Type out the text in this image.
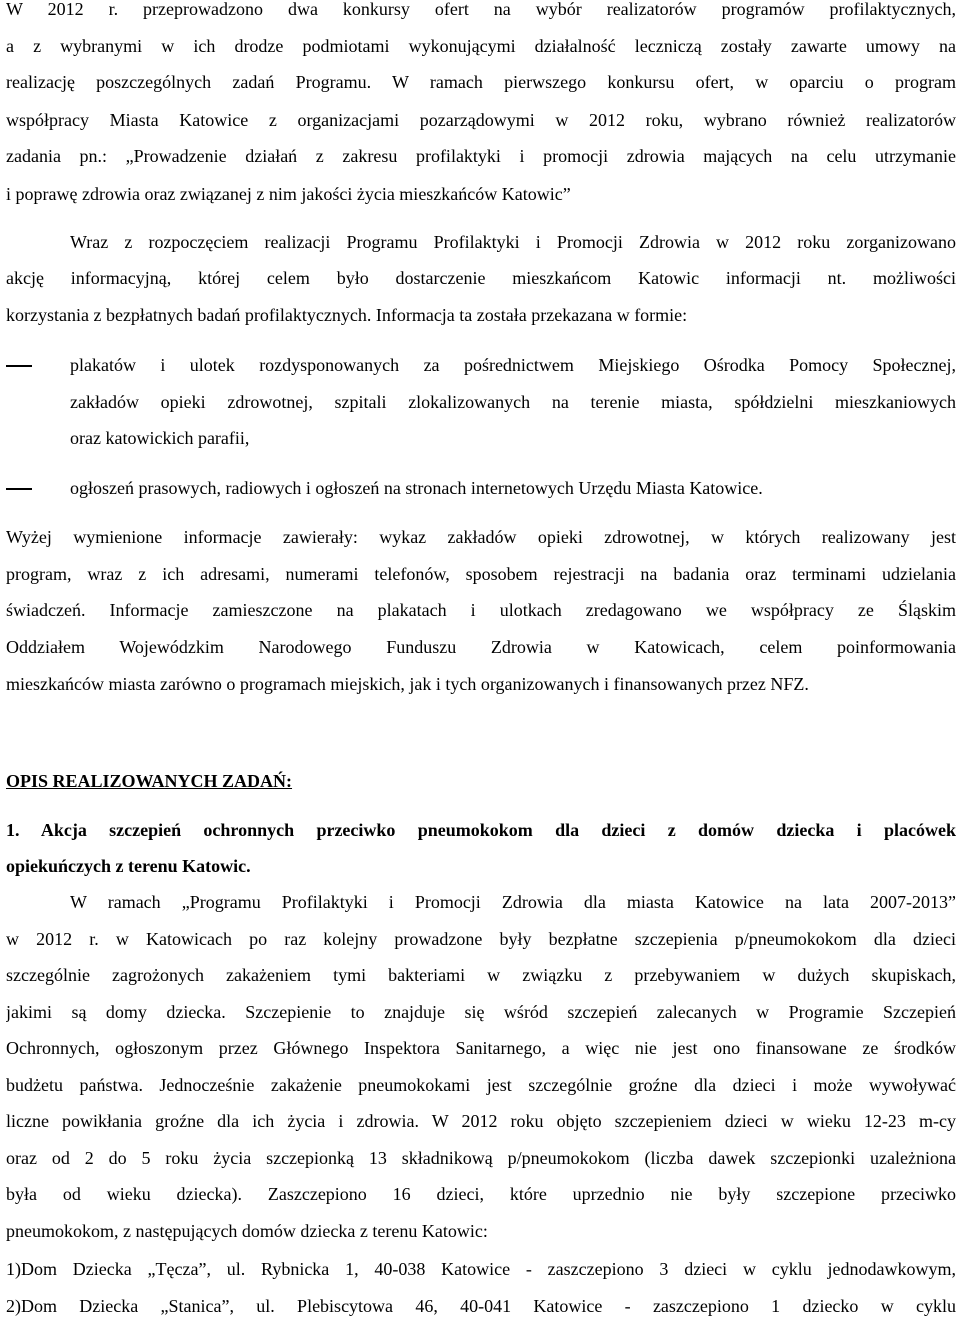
W 2012 r. przeprowadzono dwa konkursy ofert na wybór realizatorów programów profilaktycznych,
a z wybranymi w ich drodze podmiotami wykonującymi działalność leczniczą zostały zawarte umowy na
realizację poszczególnych zadań Programu. W ramach pierwszego konkursu ofert, w oparciu o program
współpracy Miasta Katowice z organizacjami pozarządowymi w 2012 roku, wybrano również realizatorów
zadania pn.: „Prowadzenie działań z zakresu profilaktyki i promocji zdrowia mających na celu utrzymanie
i poprawę zdrowia oraz związanej z nim jakości życia mieszkańców Katowic”
Wraz z rozpoczęciem realizacji Programu Profilaktyki i Promocji Zdrowia w 2012 roku zorganizowano
akcję informacyjną, której celem było dostarczenie mieszkańcom Katowic informacji nt. możliwości
korzystania z bezpłatnych badań profilaktycznych. Informacja ta została przekazana w formie:
plakatów i ulotek rozdysponowanych za pośrednictwem Miejskiego Ośrodka Pomocy Społecznej,
zakładów opieki zdrowotnej, szpitali zlokalizowanych na terenie miasta, spółdzielni mieszkaniowych
oraz katowickich parafii,
ogłoszeń prasowych, radiowych i ogłoszeń na stronach internetowych Urzędu Miasta Katowice.
Wyżej wymienione informacje zawierały: wykaz zakładów opieki zdrowotnej, w których realizowany jest
program, wraz z ich adresami, numerami telefonów, sposobem rejestracji na badania oraz terminami udzielania
świadczeń. Informacje zamieszczone na plakatach i ulotkach zredagowano we współpracy ze Śląskim
Oddziałem Wojewódzkim Narodowego Funduszu Zdrowia w Katowicach, celem poinformowania
mieszkańców miasta zarówno o programach miejskich, jak i tych organizowanych i finansowanych przez NFZ.
OPIS REALIZOWANYCH ZADAŃ:
1. Akcja szczepień ochronnych przeciwko pneumokokom dla dzieci z domów dziecka i placówek
opiekuńczych z terenu Katowic.
W ramach „Programu Profilaktyki i Promocji Zdrowia dla miasta Katowice na lata 2007-2013”
w 2012 r. w Katowicach po raz kolejny prowadzone były bezpłatne szczepienia p/pneumokokom dla dzieci
szczególnie zagrożonych zakażeniem tymi bakteriami w związku z przebywaniem w dużych skupiskach,
jakimi są domy dziecka. Szczepienie to znajduje się wśród szczepień zalecanych w Programie Szczepień
Ochronnych, ogłoszonym przez Głównego Inspektora Sanitarnego, a więc nie jest ono finansowane ze środków
budżetu państwa. Jednocześnie zakażenie pneumokokami jest szczególnie groźne dla dzieci i może wywoływać
liczne powikłania groźne dla ich życia i zdrowia. W 2012 roku objęto szczepieniem dzieci w wieku 12-23 m-cy
oraz od 2 do 5 roku życia szczepionką 13 składnikową p/pneumokokom (liczba dawek szczepionki uzależniona
była od wieku dziecka). Zaszczepiono 16 dzieci, które uprzednio nie były szczepione przeciwko
pneumokokom, z następujących domów dziecka z terenu Katowic:
1)Dom Dziecka „Tęcza”, ul. Rybnicka 1, 40-038 Katowice - zaszczepiono 3 dzieci w cyklu jednodawkowym,
2)Dom Dziecka „Stanica”, ul. Plebiscytowa 46, 40-041 Katowice - zaszczepiono 1 dziecko w cyklu
